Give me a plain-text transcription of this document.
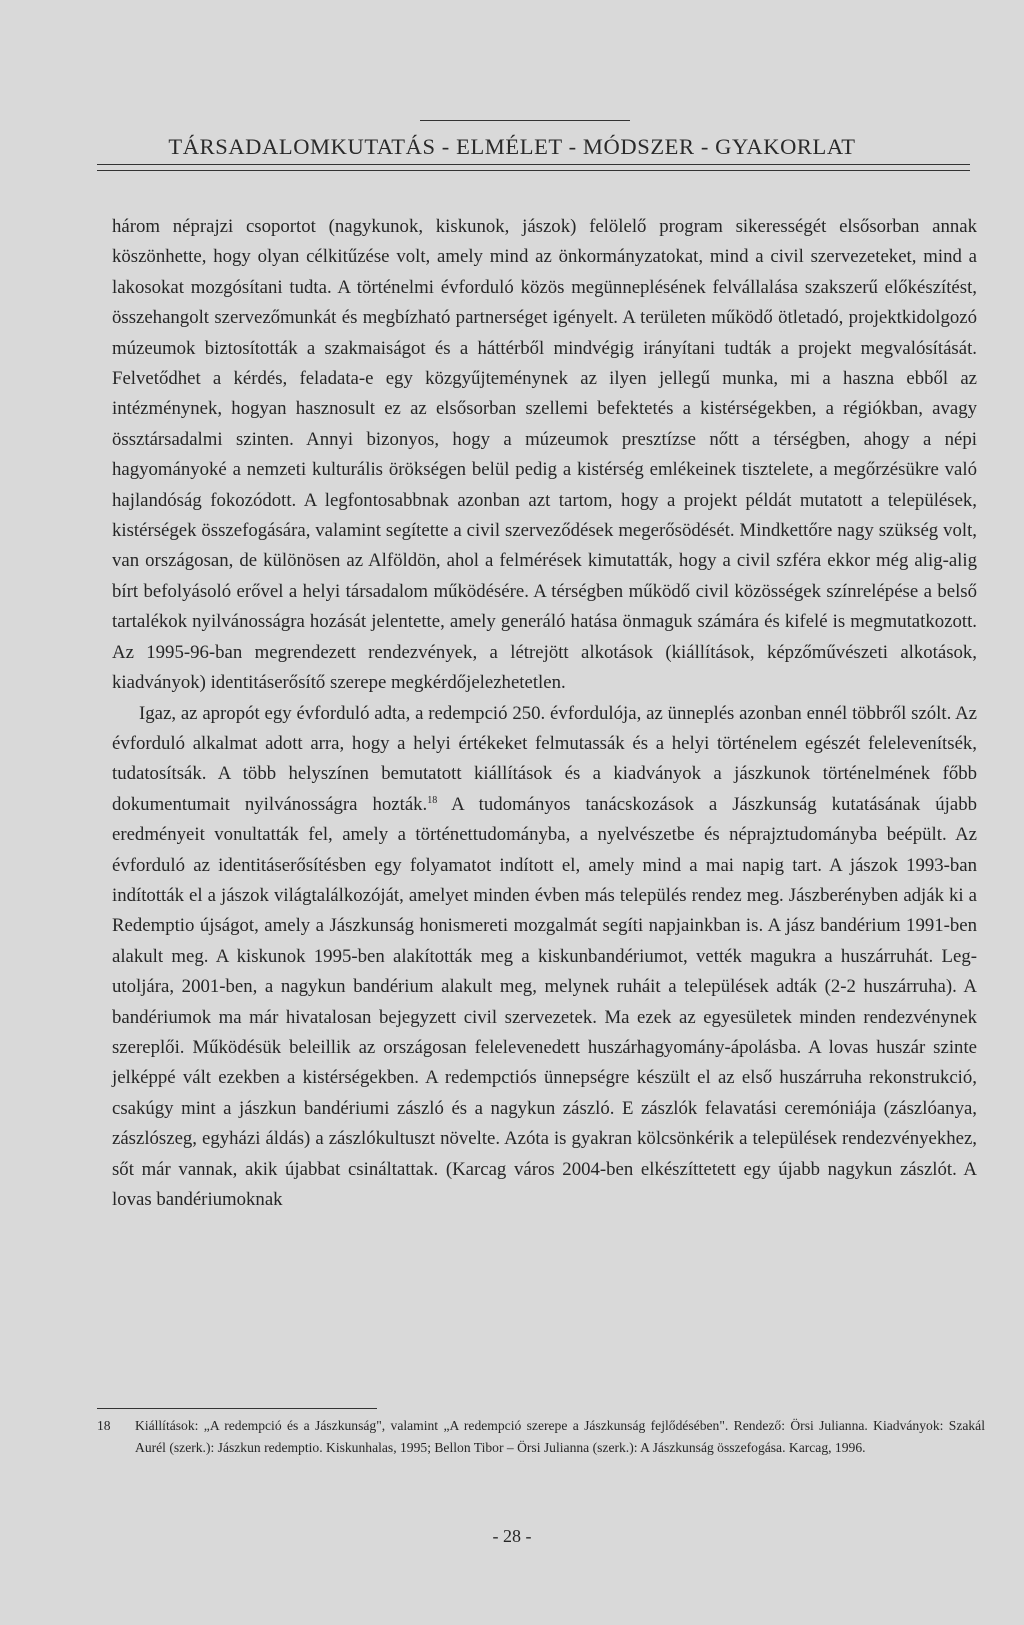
TÁRSADALOMKUTATÁS - ELMÉLET - MÓDSZER - GYAKORLAT

három néprajzi csoportot (nagykunok, kiskunok, jászok) felölelő program sikerességét elsősorban annak köszönhette, hogy olyan célkitűzése volt, amely mind az önkormányzatokat, mind a civil szervezeteket, mind a lakosokat mozgósítani tudta. A történelmi évforduló közös megünneplésének felvállalása szakszerű előkészítést, összehangolt szervezőmunkát és megbízható partnerséget igényelt. A területen működő ötletadó, projektkidolgozó múzeumok biztosították a szakmaiságot és a háttérből mindvégig irányítani tudták a projekt megvalósítását. Felvetődhet a kérdés, feladata-e egy közgyűjteménynek az ilyen jellegű munka, mi a haszna ebből az intézménynek, hogyan hasznosult ez az elsősorban szellemi befektetés a kistérségekben, a régiókban, avagy össztársadalmi szinten. Annyi bizonyos, hogy a múzeumok presztízse nőtt a térségben, ahogy a népi hagyományoké a nemzeti kulturális örökségen belül pedig a kistérség emlékeinek tisztelete, a megőrzésükre való hajlandóság fokozódott. A legfontosabbnak azonban azt tartom, hogy a projekt példát mutatott a települések, kistérségek összefogására, valamint segítette a civil szerveződések megerősödését. Mindkettőre nagy szükség volt, van országosan, de különösen az Alföldön, ahol a felmérések kimutatták, hogy a civil szféra ekkor még alig-alig bírt befolyásoló erővel a helyi társadalom működésére. A térségben működő civil közösségek színrelépése a belső tartalékok nyilvánosságra hozását jelentette, amely generáló hatása önmaguk számára és kifelé is megmutatkozott. Az 1995-96-ban megrendezett rendezvények, a létrejött alkotások (kiállítások, képzőművészeti alkotások, kiadványok) identitáserősítő szerepe megkérdőjelezhetetlen.

Igaz, az apropót egy évforduló adta, a redempció 250. évfordulója, az ünneplés azonban ennél többről szólt. Az évforduló alkalmat adott arra, hogy a helyi értékeket felmutassák és a helyi történelem egészét felelevenítsék, tudatosítsák. A több helyszínen bemutatott kiállítások és a kiadványok a jászkunok történelmének főbb dokumentumait nyilvánosságra hozták.$^{18}$ A tudományos tanácskozások a Jászkunság kutatásának újabb eredményeit vonultatták fel, amely a történettudományba, a nyelvészetbe és néprajztudományba beépült. Az évforduló az identitáserősítésben egy folyamatot indított el, amely mind a mai napig tart. A jászok 1993-ban indították el a jászok világtalálkozóját, amelyet minden évben más település rendez meg. Jászberényben adják ki a Redemptio újságot, amely a Jászkunság honismereti mozgalmát segíti napjainkban is. A jász bandérium 1991-ben alakult meg. A kiskunok 1995-ben alakították meg a kiskunbandériumot, vették magukra a huszárruhát. Legutoljára, 2001-ben, a nagykun bandérium alakult meg, melynek ruháit a települések adták (2-2 huszárruha). A bandériumok ma már hivatalosan bejegyzett civil szervezetek. Ma ezek az egyesületek minden rendezvénynek szereplői. Működésük beleillik az országosan felelevenedett huszárhagyomány-ápolásba. A lovas huszár szinte jelképpé vált ezekben a kistérségekben. A redempctiós ünnepségre készült el az első huszárruha rekonstrukció, csakúgy mint a jászkun bandériumi zászló és a nagykun zászló. E zászlók felavatási ceremóniája (zászlóanya, zászlószeg, egyházi áldás) a zászlókultuszt növelte. Azóta is gyakran kölcsönkérik a települések rendezvényekhez, sőt már vannak, akik újabbat csináltattak. (Karcag város 2004-ben elkészíttetett egy újabb nagykun zászlót. A lovas bandériumoknak

18	Kiállítások: „A redempció és a Jászkunság", valamint „A redempció szerepe a Jászkunság fejlődésében". Rendező: Örsi Julianna. Kiadványok: Szakál Aurél (szerk.): Jászkun redemptio. Kiskunhalas, 1995; Bellon Tibor – Örsi Julianna (szerk.): A Jászkunság összefogása. Karcag, 1996.
- 28 -
